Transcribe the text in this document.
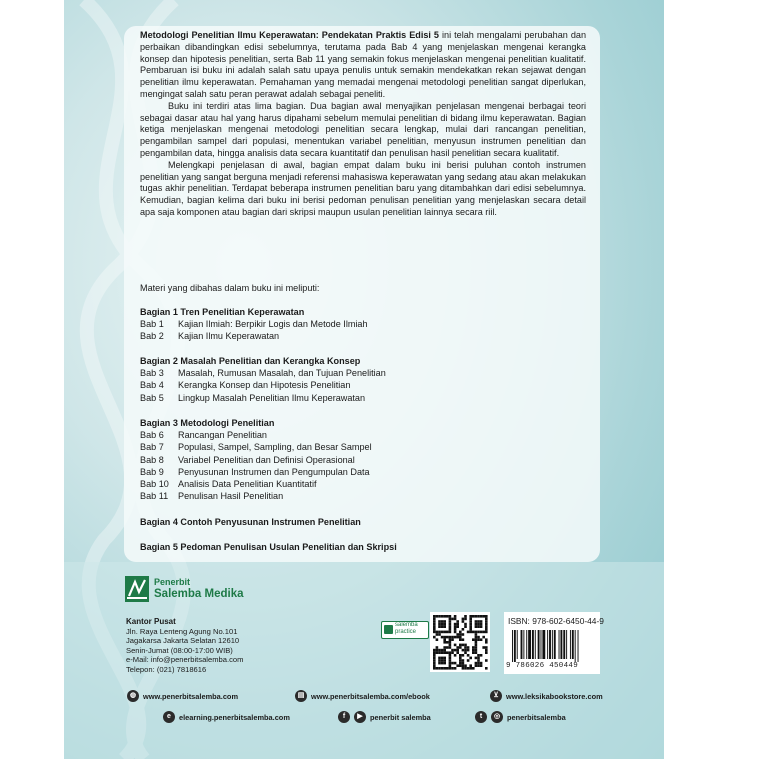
Metodologi Penelitian Ilmu Keperawatan: Pendekatan Praktis Edisi 5 ini telah mengalami perubahan dan perbaikan dibandingkan edisi sebelumnya, terutama pada Bab 4 yang menjelaskan mengenai kerangka konsep dan hipotesis penelitian, serta Bab 11 yang semakin fokus menjelaskan mengenai penelitian kualitatif. Pembaruan isi buku ini adalah salah satu upaya penulis untuk semakin mendekatkan rekan sejawat dengan penelitian ilmu keperawatan. Pemahaman yang memadai mengenai metodologi penelitian sangat diperlukan, mengingat salah satu peran perawat adalah sebagai peneliti.

Buku ini terdiri atas lima bagian. Dua bagian awal menyajikan penjelasan mengenai berbagai teori sebagai dasar atau hal yang harus dipahami sebelum memulai penelitian di bidang ilmu keperawatan. Bagian ketiga menjelaskan mengenai metodologi penelitian secara lengkap, mulai dari rancangan penelitian, pengambilan sampel dari populasi, menentukan variabel penelitian, menyusun instrumen penelitian dan pengambilan data, hingga analisis data secara kuantitatif dan penulisan hasil penelitian secara kualitatif.

Melengkapi penjelasan di awal, bagian empat dalam buku ini berisi puluhan contoh instrumen penelitian yang sangat berguna menjadi referensi mahasiswa keperawatan yang sedang atau akan melakukan tugas akhir penelitian. Terdapat beberapa instrumen penelitian baru yang ditambahkan dari edisi sebelumnya. Kemudian, bagian kelima dari buku ini berisi pedoman penulisan penelitian yang menjelaskan secara detail apa saja komponen atau bagian dari skripsi maupun usulan penelitian lainnya secara riil.

Materi yang dibahas dalam buku ini meliputi:
Bagian 1 Tren Penelitian Keperawatan
Bab 1	Kajian Ilmiah: Berpikir Logis dan Metode Ilmiah
Bab 2	Kajian Ilmu Keperawatan
Bagian 2 Masalah Penelitian dan Kerangka Konsep
Bab 3	Masalah, Rumusan Masalah, dan Tujuan Penelitian
Bab 4	Kerangka Konsep dan Hipotesis Penelitian
Bab 5	Lingkup Masalah Penelitian Ilmu Keperawatan
Bagian 3 Metodologi Penelitian
Bab 6	Rancangan Penelitian
Bab 7	Populasi, Sampel, Sampling, dan Besar Sampel
Bab 8	Variabel Penelitian dan Definisi Operasional
Bab 9	Penyusunan Instrumen dan Pengumpulan Data
Bab 10	Analisis Data Penelitian Kuantitatif
Bab 11	Penulisan Hasil Penelitian
Bagian 4 Contoh Penyusunan Instrumen Penelitian
Bagian 5 Pedoman Penulisan Usulan Penelitian dan Skripsi
Penerbit
Salemba Medika
Kantor Pusat
Jln. Raya Lenteng Agung No.101
Jagakarsa Jakarta Selatan 12610
Senin-Jumat (08:00-17:00 WIB)
e-Mail: info@penerbitsalemba.com
Telepon: (021) 7818616
salemba
practice
ISBN: 978-602-6450-44-9
9 786026 450449
◍ www.penerbitsalemba.com	▤ www.penerbitsalemba.com/ebook	⊻	www.leksikabookstore.com
e	elearning.penerbitsalemba.com	f	▶ penerbit salemba	t	◎ penerbitsalemba
